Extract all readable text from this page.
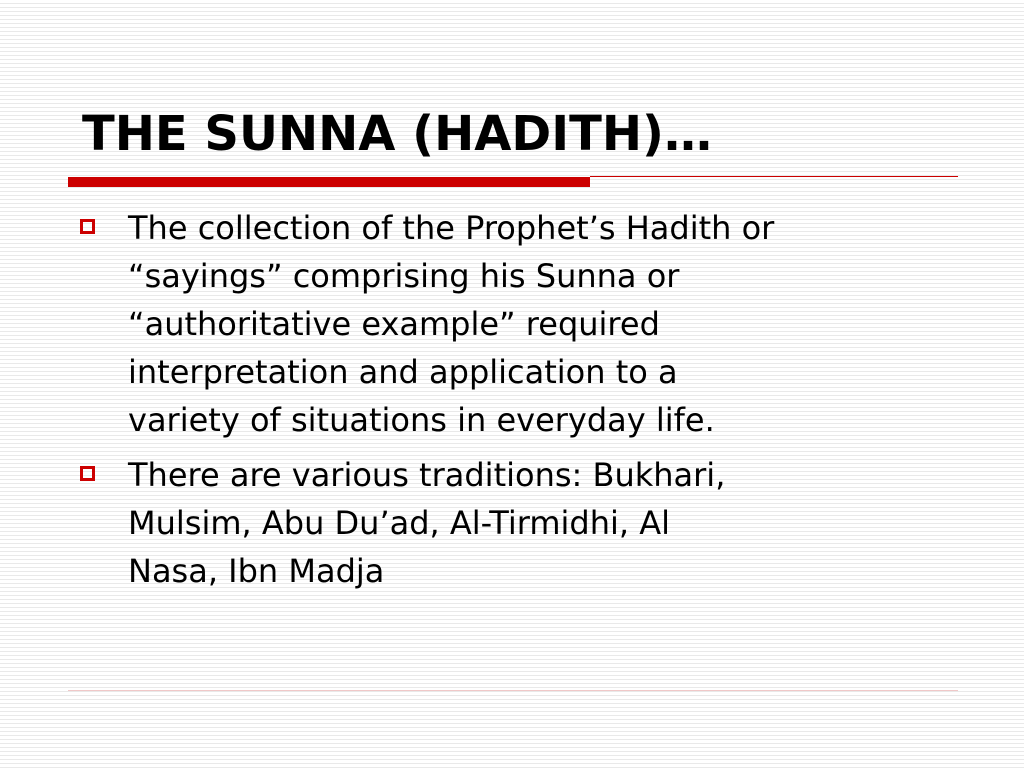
THE SUNNA (HADITH)…
The collection of the Prophet’s Hadith or
“sayings” comprising his Sunna or
“authoritative example” required
interpretation and application to a
variety of situations in everyday life.
There are various traditions: Bukhari,
Mulsim, Abu Du’ad, Al-Tirmidhi, Al
Nasa, Ibn Madja
